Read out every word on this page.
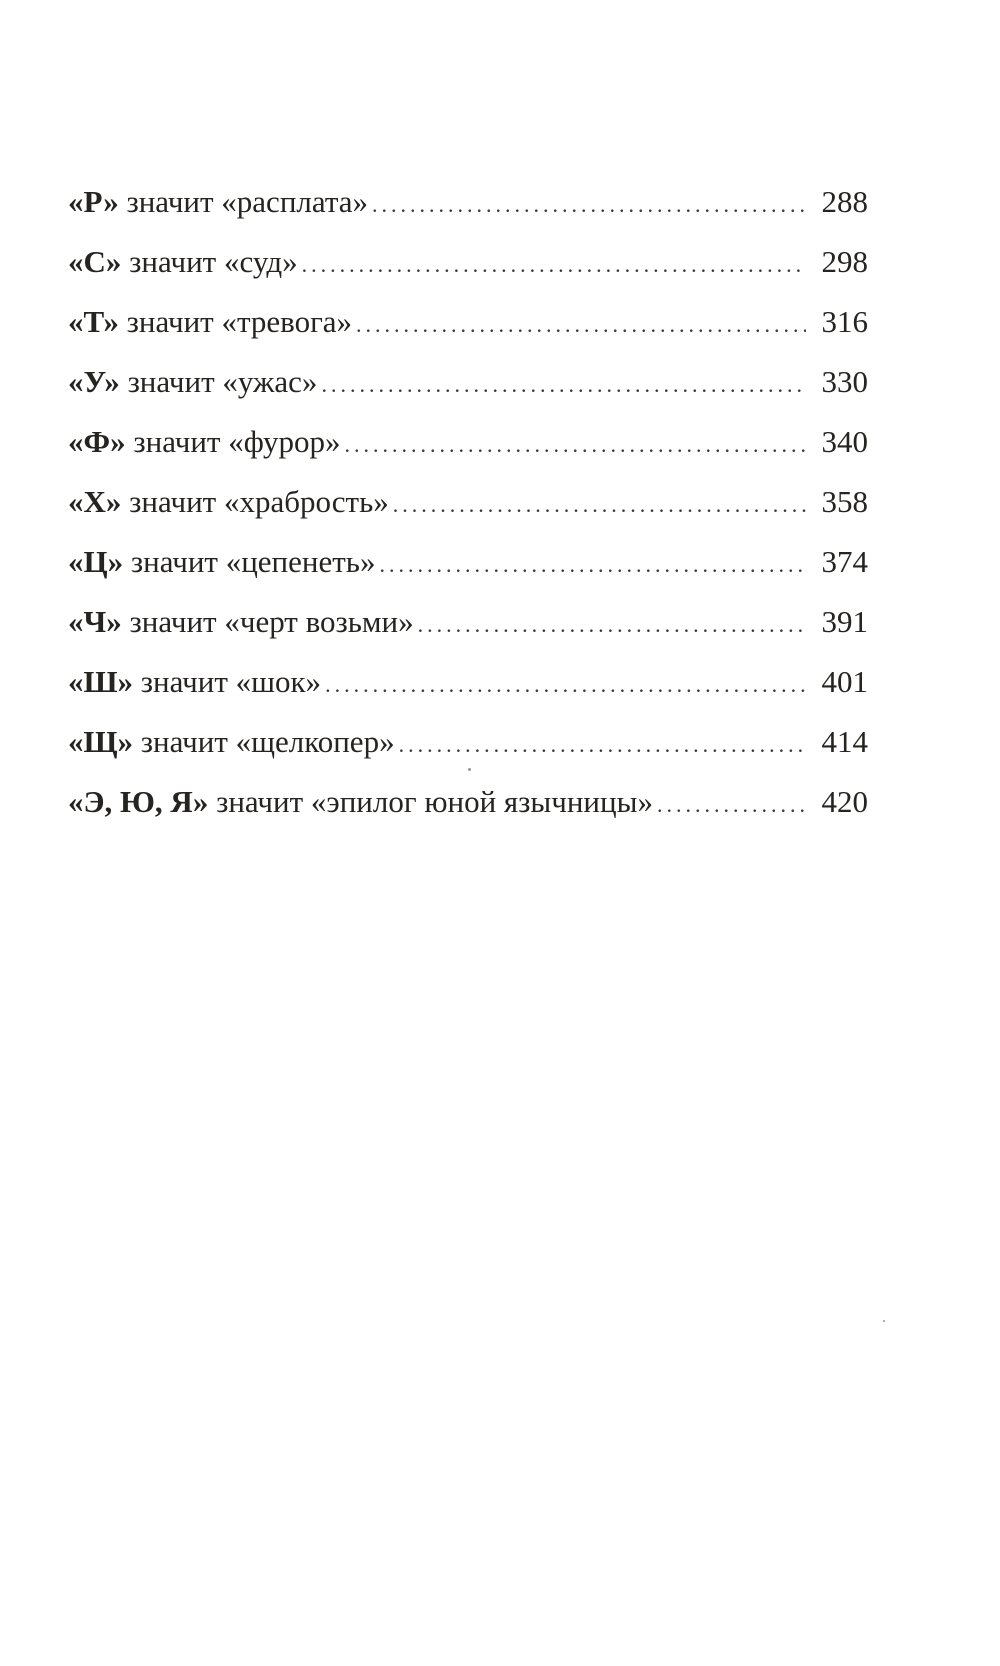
«Р» значит «расплата» .....	288
«С» значит «суд» .....	298
«Т» значит «тревога» .....	316
«У» значит «ужас» .....	330
«Ф» значит «фурор» .....	340
«Х» значит «храбрость» .....	358
«Ц» значит «цепенеть» .....	374
«Ч» значит «черт возьми» .....	391
«Ш» значит «шок» .....	401
«Щ» значит «щелкопер» .....	414
«Э, Ю, Я» значит «эпилог юной язычницы» .....	420
